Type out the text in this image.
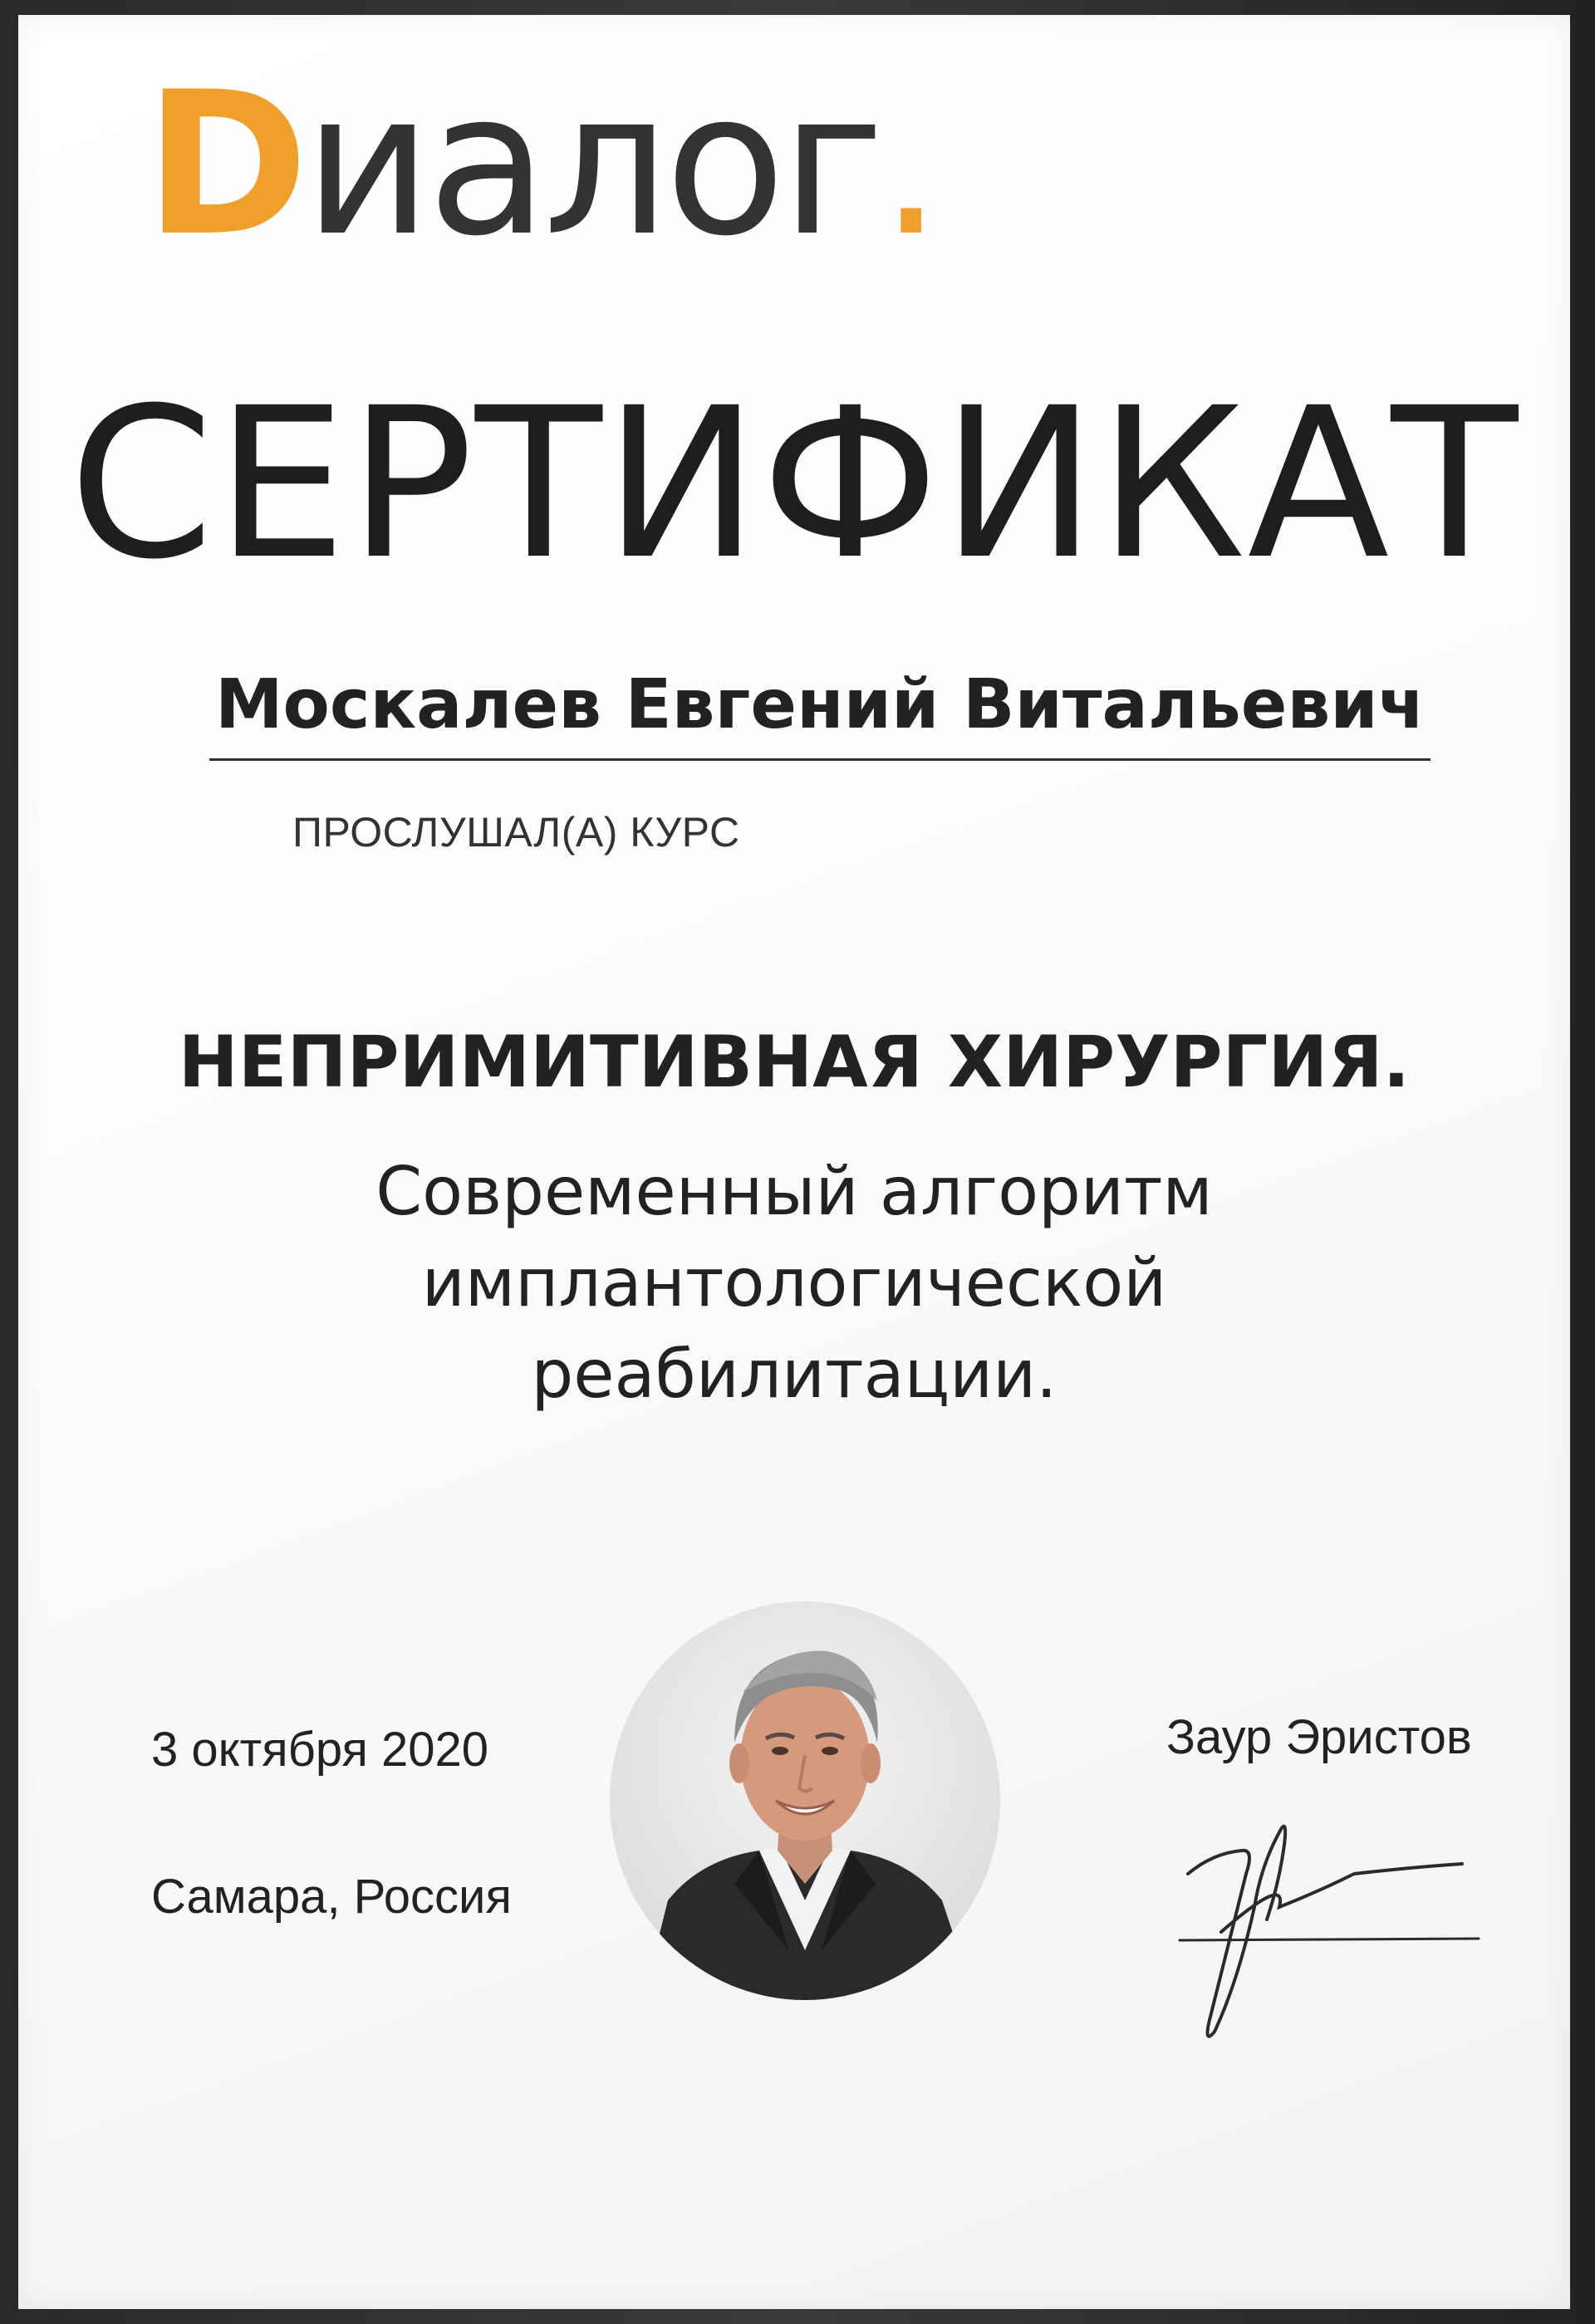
Dиалог.
СЕРТИФИКАТ
Москалев Евгений Витальевич
ПРОСЛУШАЛ(А) КУРС
НЕПРИМИТИВНАЯ ХИРУРГИЯ.
Современный алгоритм
имплантологической
реабилитации.
3 октября 2020
Самара, Россия
Заур Эристов
